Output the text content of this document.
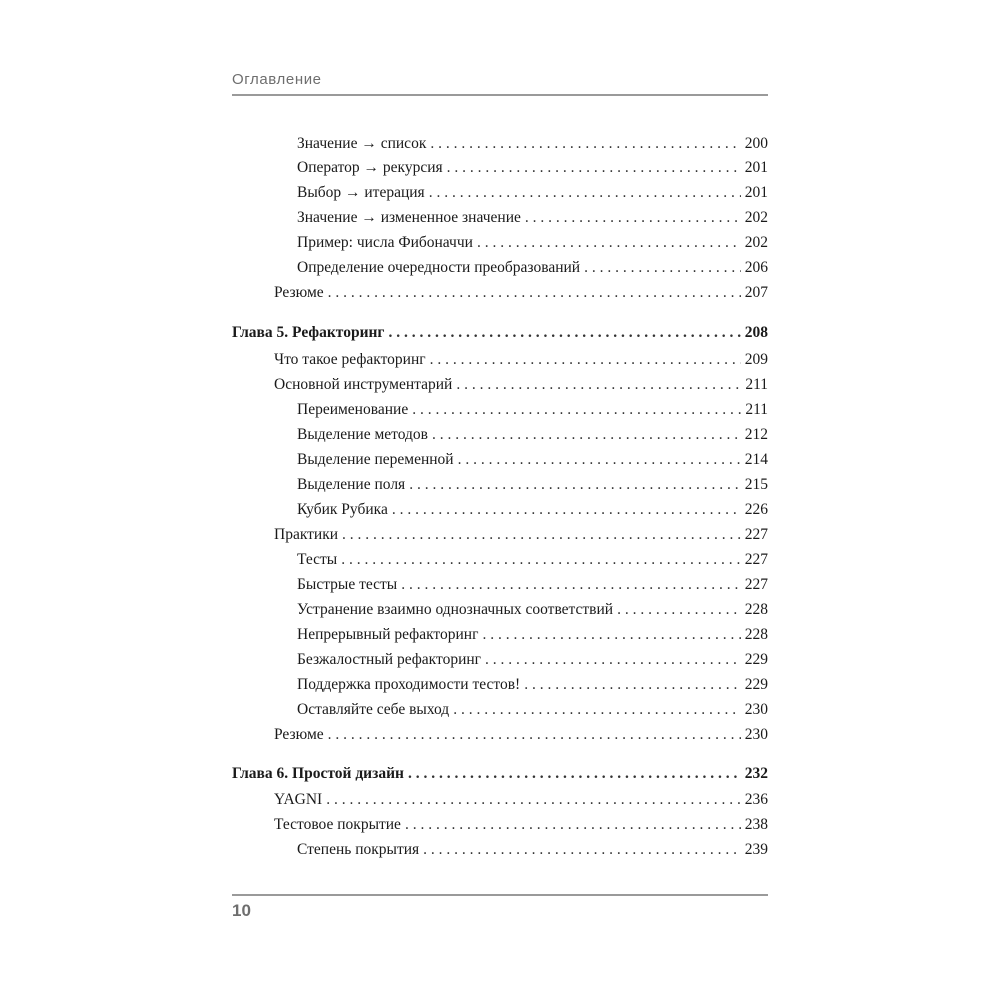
Оглавление
Значение → список . . .	200
Оператор → рекурсия . . .	201
Выбор → итерация . . .	201
Значение → измененное значение . . .	202
Пример: числа Фибоначчи . . .	202
Определение очередности преобразований . . .	206
Резюме . . .	207
Глава 5. Рефакторинг . . .	208
Что такое рефакторинг . . .	209
Основной инструментарий . . .	211
Переименование . . .	211
Выделение методов . . .	212
Выделение переменной . . .	214
Выделение поля . . .	215
Кубик Рубика . . .	226
Практики . . .	227
Тесты . . .	227
Быстрые тесты . . .	227
Устранение взаимно однозначных соответствий . . .	228
Непрерывный рефакторинг . . .	228
Безжалостный рефакторинг . . .	229
Поддержка проходимости тестов! . . .	229
Оставляйте себе выход . . .	230
Резюме . . .	230
Глава 6. Простой дизайн . . .	232
YAGNI . . .	236
Тестовое покрытие . . .	238
Степень покрытия . . .	239
10
